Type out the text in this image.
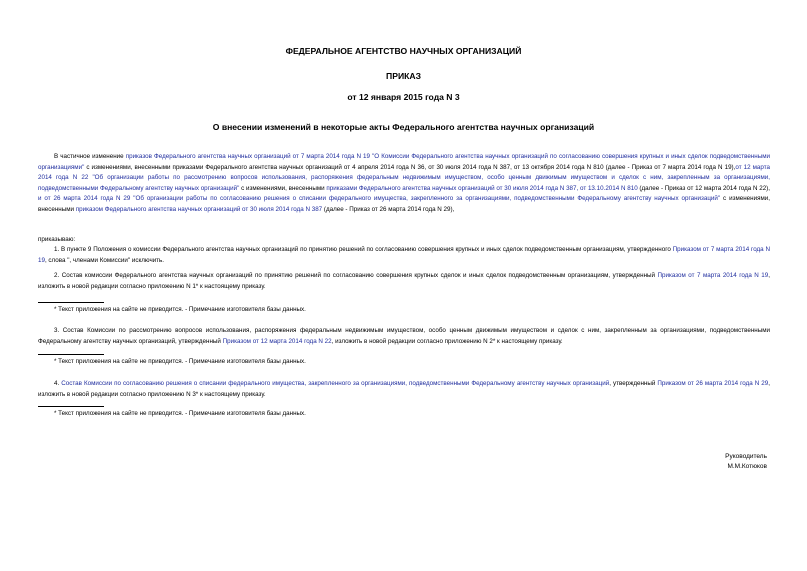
ФЕДЕРАЛЬНОЕ АГЕНТСТВО НАУЧНЫХ ОРГАНИЗАЦИЙ
ПРИКАЗ
от 12 января 2015 года N 3
О внесении изменений в некоторые акты Федерального агентства научных организаций
В частичное изменение приказов Федерального агентства научных организаций от 7 марта 2014 года N 19 "О Комиссии Федерального агентства научных организаций по согласованию совершения крупных и иных сделок подведомственными организациями" с изменениями, внесенными приказами Федерального агентства научных организаций от 4 апреля 2014 года N 36, от 30 июля 2014 года N 387, от 13 октября 2014 года N 810 (далее - Приказ от 7 марта 2014 года N 19),от 12 марта 2014 года N 22 "Об организации работы по рассмотрению вопросов использования, распоряжения федеральным недвижимым имуществом, особо ценным движимым имуществом и сделок с ним, закрепленным за организациями, подведомственными Федеральному агентству научных организаций" с изменениями, внесенными приказами Федерального агентства научных организаций от 30 июля 2014 года N 387, от 13.10.2014 N 810 (далее - Приказ от 12 марта 2014 года N 22), и от 26 марта 2014 года N 29 "Об организации работы по согласованию решения о списании федерального имущества, закрепленного за организациями, подведомственными Федеральному агентству научных организаций" с изменениями, внесенными приказом Федерального агентства научных организаций от 30 июля 2014 года N 387 (далее - Приказ от 26 марта 2014 года N 29),
приказываю:
1. В пункте 9 Положения о комиссии Федерального агентства научных организаций по принятию решений по согласованию совершения крупных и иных сделок подведомственным организациям, утвержденного Приказом от 7 марта 2014 года N 19, слова ", членами Комиссии" исключить.
2. Состав комиссии Федерального агентства научных организаций по принятию решений по согласованию совершения крупных сделок и иных сделок подведомственным организациям, утвержденный Приказом от 7 марта 2014 года N 19, изложить в новой редакции согласно приложению N 1* к настоящему приказу.
* Текст приложения на сайте не приводится. - Примечание изготовителя базы данных.
3. Состав Комиссии по рассмотрению вопросов использования, распоряжения федеральным недвижимым имуществом, особо ценным движимым имуществом и сделок с ним, закрепленным за организациями, подведомственными Федеральному агентству научных организаций, утвержденный Приказом от 12 марта 2014 года N 22, изложить в новой редакции согласно приложению N 2* к настоящему приказу.
* Текст приложения на сайте не приводится. - Примечание изготовителя базы данных.
4. Состав Комиссии по согласованию решения о списании федерального имущества, закрепленного за организациями, подведомственными Федеральному агентству научных организаций, утвержденный Приказом от 26 марта 2014 года N 29, изложить в новой редакции согласно приложению N 3* к настоящему приказу.
* Текст приложения на сайте не приводится. - Примечание изготовителя базы данных.
Руководитель
М.М.Котюков
